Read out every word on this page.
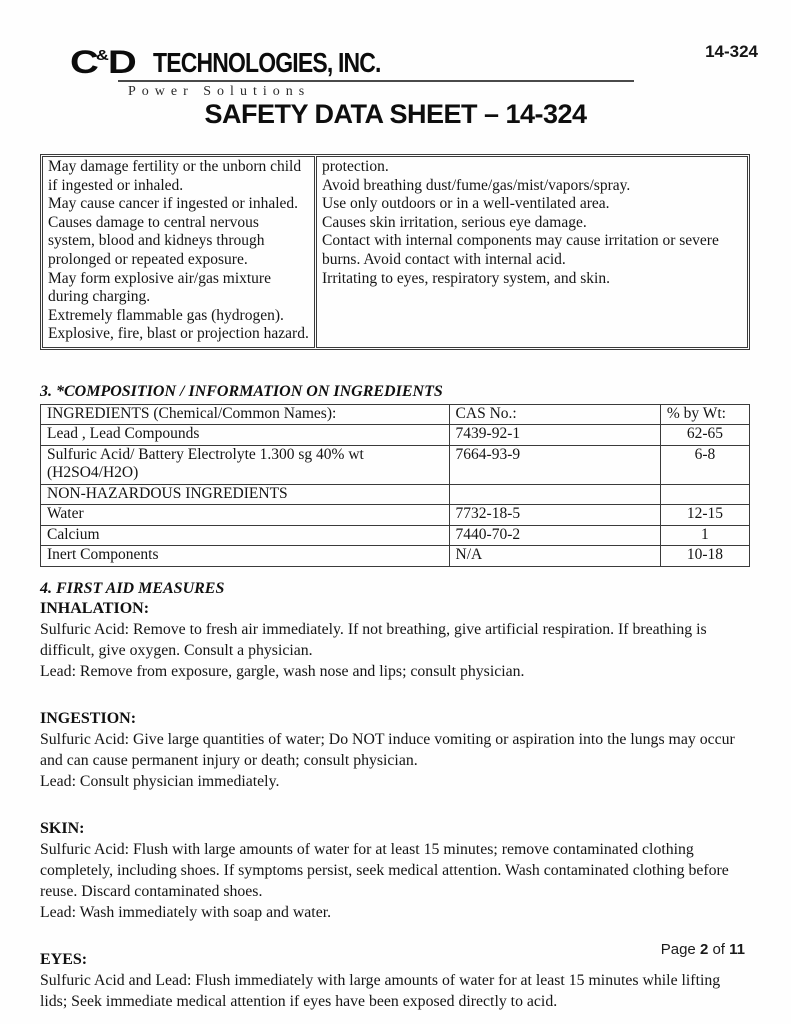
14-324
C&D TECHNOLOGIES, INC.
Power Solutions
SAFETY DATA SHEET – 14-324
May damage fertility or the unborn child if ingested or inhaled.
May cause cancer if ingested or inhaled.
Causes damage to central nervous system, blood and kidneys through prolonged or repeated exposure.
May form explosive air/gas mixture during charging.
Extremely flammable gas (hydrogen).
Explosive, fire, blast or projection hazard.
protection.
Avoid breathing dust/fume/gas/mist/vapors/spray.
Use only outdoors or in a well-ventilated area.
Causes skin irritation, serious eye damage.
Contact with internal components may cause irritation or severe burns. Avoid contact with internal acid.
Irritating to eyes, respiratory system, and skin.
3. *COMPOSITION / INFORMATION ON INGREDIENTS
INGREDIENTS (Chemical/Common Names):	CAS No.:	% by Wt:
Lead , Lead Compounds	7439-92-1	62-65

Sulfuric Acid/ Battery Electrolyte 1.300 sg 40% wt
(H2SO4/H2O)	7664-93-9	6-8
NON-HAZARDOUS INGREDIENTS		
Water	7732-18-5	12-15
Calcium	7440-70-2	1
Inert Components	N/A	10-18
4. FIRST AID MEASURES
INHALATION:

Sulfuric Acid: Remove to fresh air immediately. If not breathing, give artificial respiration. If breathing is difficult, give oxygen. Consult a physician.

Lead: Remove from exposure, gargle, wash nose and lips; consult physician.

INGESTION:

Sulfuric Acid: Give large quantities of water; Do NOT induce vomiting or aspiration into the lungs may occur and can cause permanent injury or death; consult physician.

Lead: Consult physician immediately.

SKIN:

Sulfuric Acid: Flush with large amounts of water for at least 15 minutes; remove contaminated clothing completely, including shoes. If symptoms persist, seek medical attention. Wash contaminated clothing before reuse. Discard contaminated shoes.

Lead: Wash immediately with soap and water.

EYES:

Sulfuric Acid and Lead: Flush immediately with large amounts of water for at least 15 minutes while lifting lids; Seek immediate medical attention if eyes have been exposed directly to acid.

Page 2 of 11
